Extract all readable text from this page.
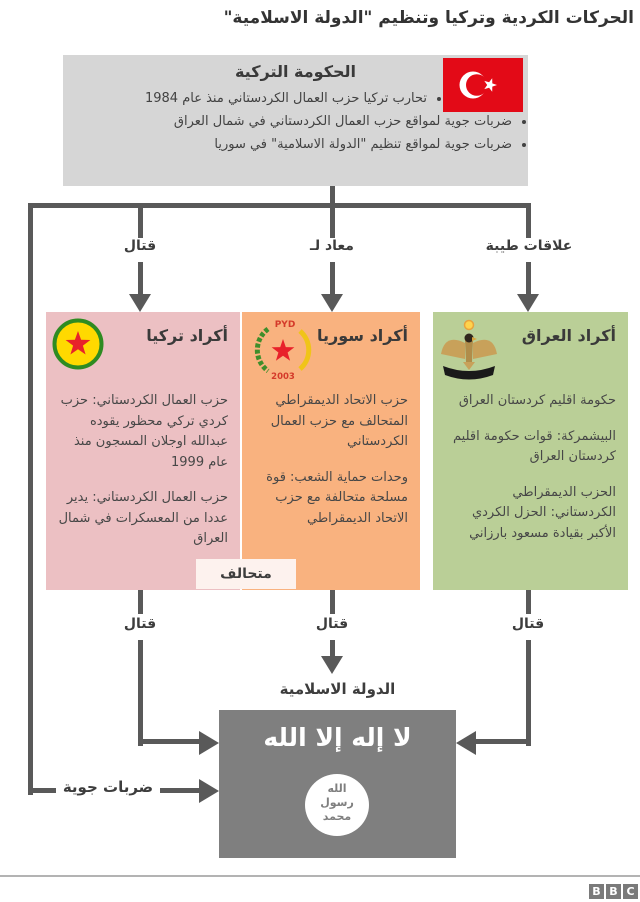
الحركات الكردية وتركيا وتنظيم "الدولة الاسلامية"
الحكومة التركية
• تحارب تركيا حزب العمال الكردستاني منذ عام 1984
• ضربات جوية لمواقع حزب العمال الكردستاني في شمال العراق
• ضربات جوية لمواقع تنظيم "الدولة الاسلامية" في سوريا
قتال	معاد لـ	علاقات طيبة
أكراد تركيا

حزب العمال الكردستاني: حزب كردي تركي محظور يقوده عبدالله اوجلان المسجون منذ عام 1999

حزب العمال الكردستاني: يدير عددا من المعسكرات في شمال العراق

PYD
2003
أكراد سوريا

حزب الاتحاد الديمقراطي المتحالف مع حزب العمال الكردستاني

وحدات حماية الشعب: قوة مسلحة متحالفة مع حزب الاتحاد الديمقراطي

أكراد العراق

حكومة اقليم كردستان العراق

البيشمركة: قوات حكومة اقليم كردستان العراق

الحزب الديمقراطي الكردستاني: الحزل الكردي الأكبر بقيادة مسعود بارزاني

متحالف
قتال	قتال	قتال
الدولة الاسلامية
ضربات جوية
لا إله إلا الله
الله
رسول
محمد
B B C
